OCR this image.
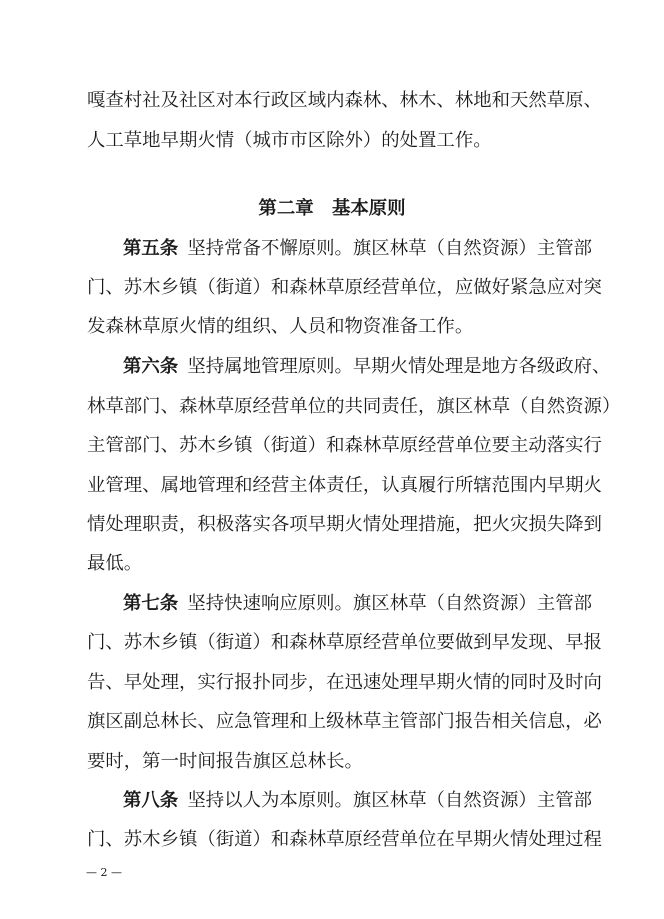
嘎查村社及社区对本行政区域内森林、林木、林地和天然草原、
人工草地早期火情（城市市区除外）的处置工作。
第二章　基本原则
第五条  坚持常备不懈原则。旗区林草（自然资源）主管部
门、苏木乡镇（街道）和森林草原经营单位，应做好紧急应对突
发森林草原火情的组织、人员和物资准备工作。
第六条  坚持属地管理原则。早期火情处理是地方各级政府、
林草部门、森林草原经营单位的共同责任，旗区林草（自然资源）
主管部门、苏木乡镇（街道）和森林草原经营单位要主动落实行
业管理、属地管理和经营主体责任，认真履行所辖范围内早期火
情处理职责，积极落实各项早期火情处理措施，把火灾损失降到
最低。
第七条  坚持快速响应原则。旗区林草（自然资源）主管部
门、苏木乡镇（街道）和森林草原经营单位要做到早发现、早报
告、早处理，实行报扑同步，在迅速处理早期火情的同时及时向
旗区副总林长、应急管理和上级林草主管部门报告相关信息，必
要时，第一时间报告旗区总林长。
第八条  坚持以人为本原则。旗区林草（自然资源）主管部
门、苏木乡镇（街道）和森林草原经营单位在早期火情处理过程
— 2 —
